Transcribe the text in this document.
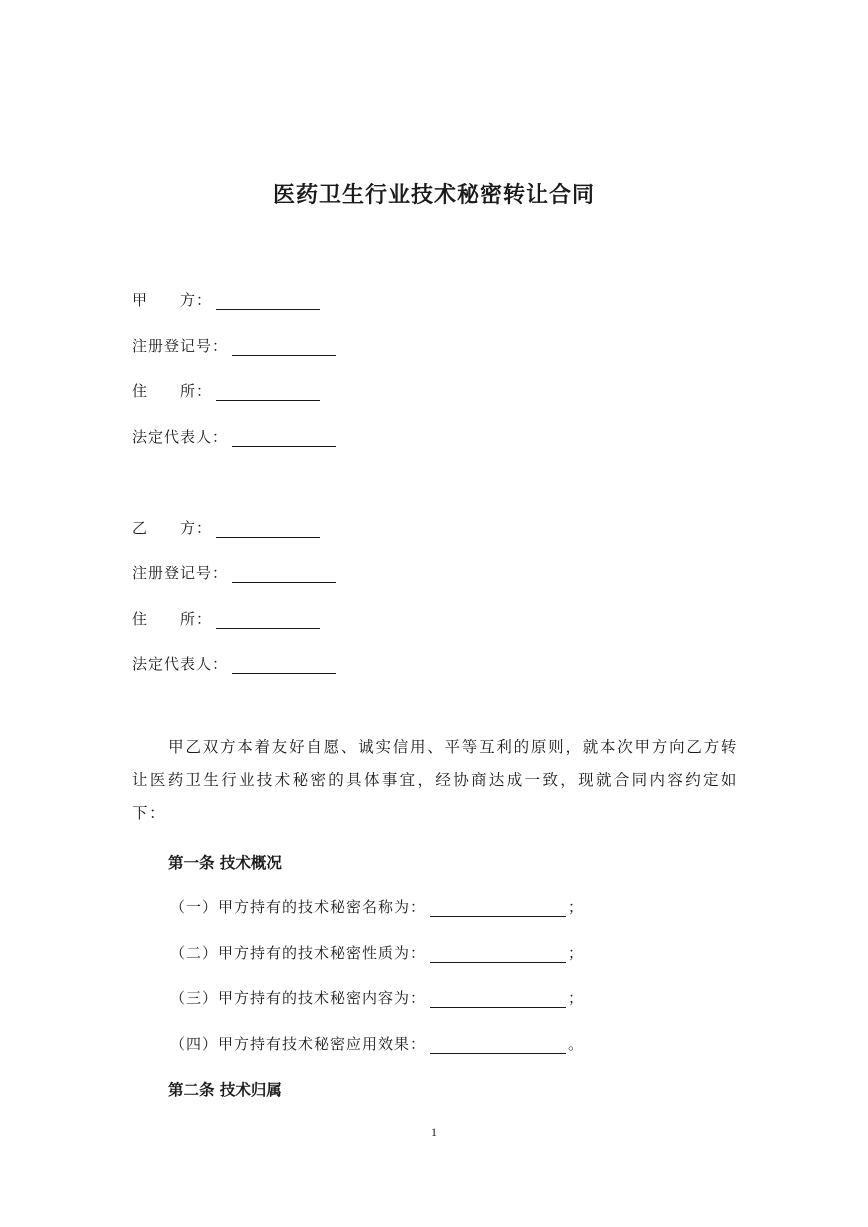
医药卫生行业技术秘密转让合同
甲　　方：
注册登记号：
住　　所：
法定代表人：
乙　　方：
注册登记号：
住　　所：
法定代表人：
甲乙双方本着友好自愿、诚实信用、平等互利的原则，就本次甲方向乙方转让医药卫生行业技术秘密的具体事宜，经协商达成一致，现就合同内容约定如下：
第一条 技术概况
（一）甲方持有的技术秘密名称为：	；
（二）甲方持有的技术秘密性质为：	；
（三）甲方持有的技术秘密内容为：	；
（四）甲方持有技术秘密应用效果：	。
第二条 技术归属
1
